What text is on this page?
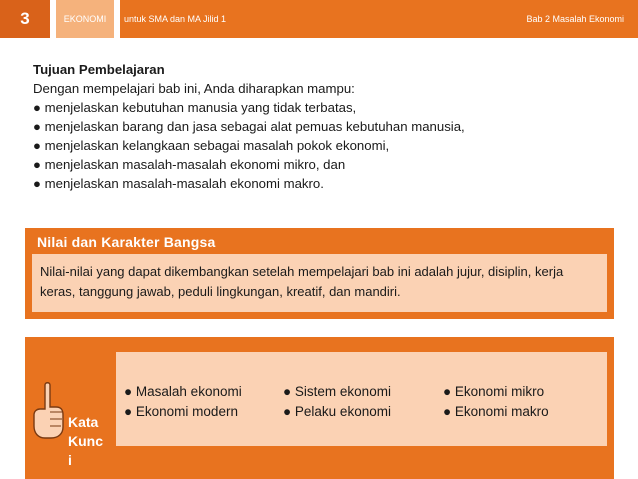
3	EKONOMI	untuk SMA dan MA Jilid 1	Bab 2 Masalah Ekonomi
Tujuan Pembelajaran
Dengan mempelajari bab ini, Anda diharapkan mampu:
● menjelaskan kebutuhan manusia yang tidak terbatas,
● menjelaskan barang dan jasa sebagai alat pemuas kebutuhan manusia,
● menjelaskan kelangkaan sebagai masalah pokok ekonomi,
● menjelaskan masalah-masalah ekonomi mikro, dan
● menjelaskan masalah-masalah ekonomi makro.
Nilai dan Karakter Bangsa

Nilai-nilai yang dapat dikembangkan setelah mempelajari bab ini adalah jujur, disiplin, kerja keras, tanggung jawab, peduli lingkungan, kreatif, dan mandiri.

Kata
Kunc
i
● Masalah ekonomi
● Ekonomi modern
● Sistem ekonomi
● Pelaku ekonomi
● Ekonomi mikro
● Ekonomi makro
